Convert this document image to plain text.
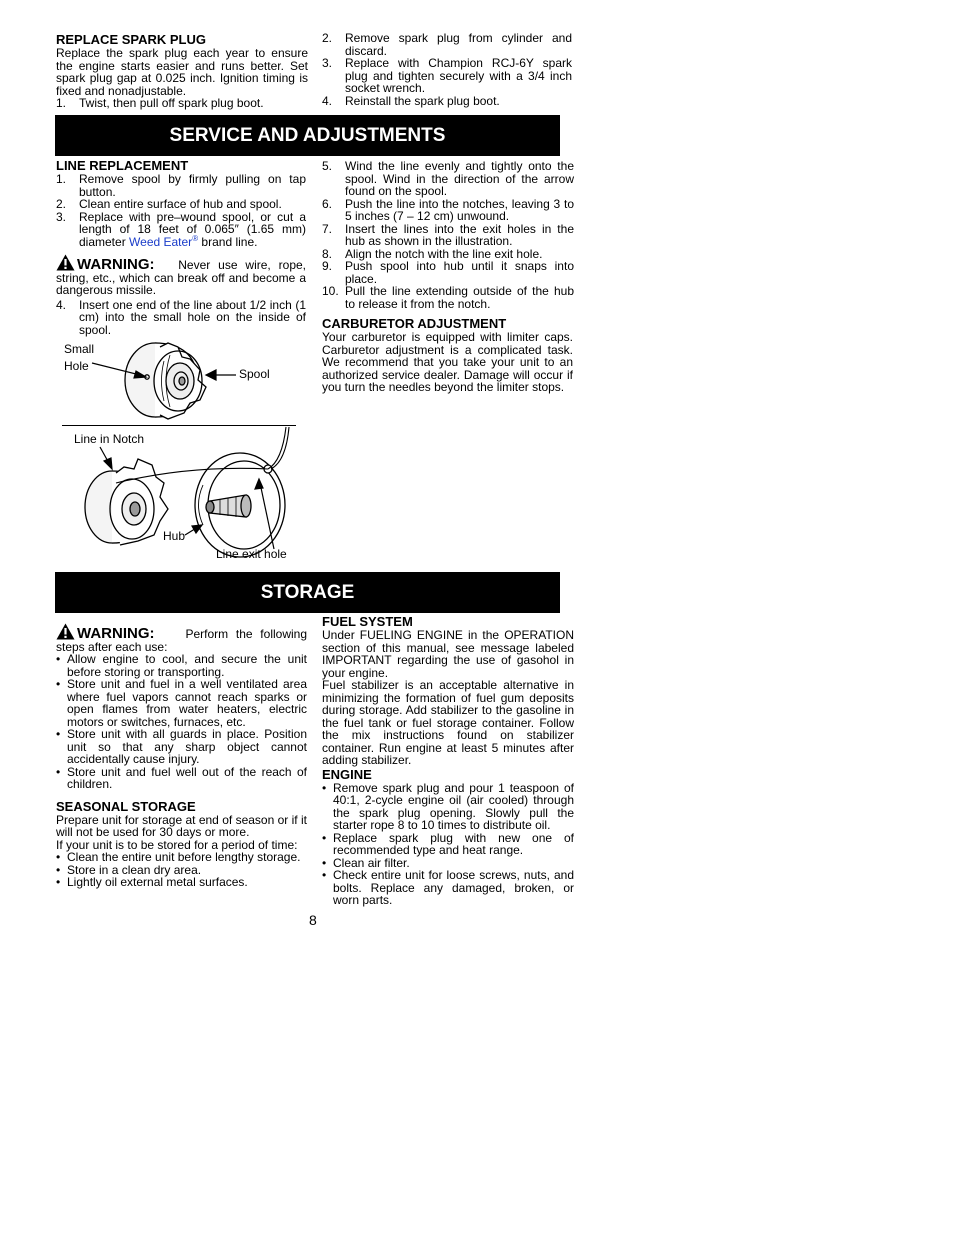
REPLACE SPARK PLUG

Replace the spark plug each year to ensure the engine starts easier and runs better. Set spark plug gap at 0.025 inch. Ignition timing is fixed and nonadjustable.

1. Twist, then pull off spark plug boot.
2. Remove spark plug from cylinder and discard.
3. Replace with Champion RCJ-6Y spark plug and tighten securely with a 3/4 inch socket wrench.
4. Reinstall the spark plug boot.
SERVICE AND ADJUSTMENTS
LINE REPLACEMENT
1. Remove spool by firmly pulling on tap button.
2. Clean entire surface of hub and spool.
3. Replace with pre–wound spool, or cut a length of 18 feet of 0.065″ (1.65 mm) diameter Weed Eater® brand line.

WARNING: Never use wire, rope, string, etc., which can break off and become a dangerous missile.

4. Insert one end of the line about 1/2 inch (1 cm) into the small hole on the inside of spool.
5. Wind the line evenly and tightly onto the spool. Wind in the direction of the arrow found on the spool.
6. Push the line into the notches, leaving 3 to 5 inches (7 – 12 cm) unwound.
7. Insert the lines into the exit holes in the hub as shown in the illustration.
8. Align the notch with the line exit hole.
9. Push spool into hub until it snaps into place.
10. Pull the line extending outside of the hub to release it from the notch.
CARBURETOR ADJUSTMENT

Your carburetor is equipped with limiter caps. Carburetor adjustment is a complicated task. We recommend that you take your unit to an authorized service dealer. Damage will occur if you turn the needles beyond the limiter stops.

Small
Hole
Spool
Line in Notch
Hub
Line exit hole
STORAGE

WARNING:	Perform the following steps after each use:

• Allow engine to cool, and secure the unit before storing or transporting.
• Store unit and fuel in a well ventilated area where fuel vapors cannot reach sparks or open flames from water heaters, electric motors or switches, furnaces, etc.
• Store unit with all guards in place. Position unit so that any sharp object cannot accidentally cause injury.
• Store unit and fuel well out of the reach of children.
SEASONAL STORAGE

Prepare unit for storage at end of season or if it will not be used for 30 days or more.

If your unit is to be stored for a period of time:

• Clean the entire unit before lengthy storage.
• Store in a clean dry area.
• Lightly oil external metal surfaces.
FUEL SYSTEM

Under FUELING ENGINE in the OPERATION section of this manual, see message labeled IMPORTANT regarding the use of gasohol in your engine.

Fuel stabilizer is an acceptable alternative in minimizing the formation of fuel gum deposits during storage. Add stabilizer to the gasoline in the fuel tank or fuel storage container. Follow the mix instructions found on stabilizer container. Run engine at least 5 minutes after adding stabilizer.

ENGINE
• Remove spark plug and pour 1 teaspoon of 40:1, 2-cycle engine oil (air cooled) through the spark plug opening. Slowly pull the starter rope 8 to 10 times to distribute oil.
• Replace spark plug with new one of recommended type and heat range.
• Clean air filter.
• Check entire unit for loose screws, nuts, and bolts. Replace any damaged, broken, or worn parts.
8
